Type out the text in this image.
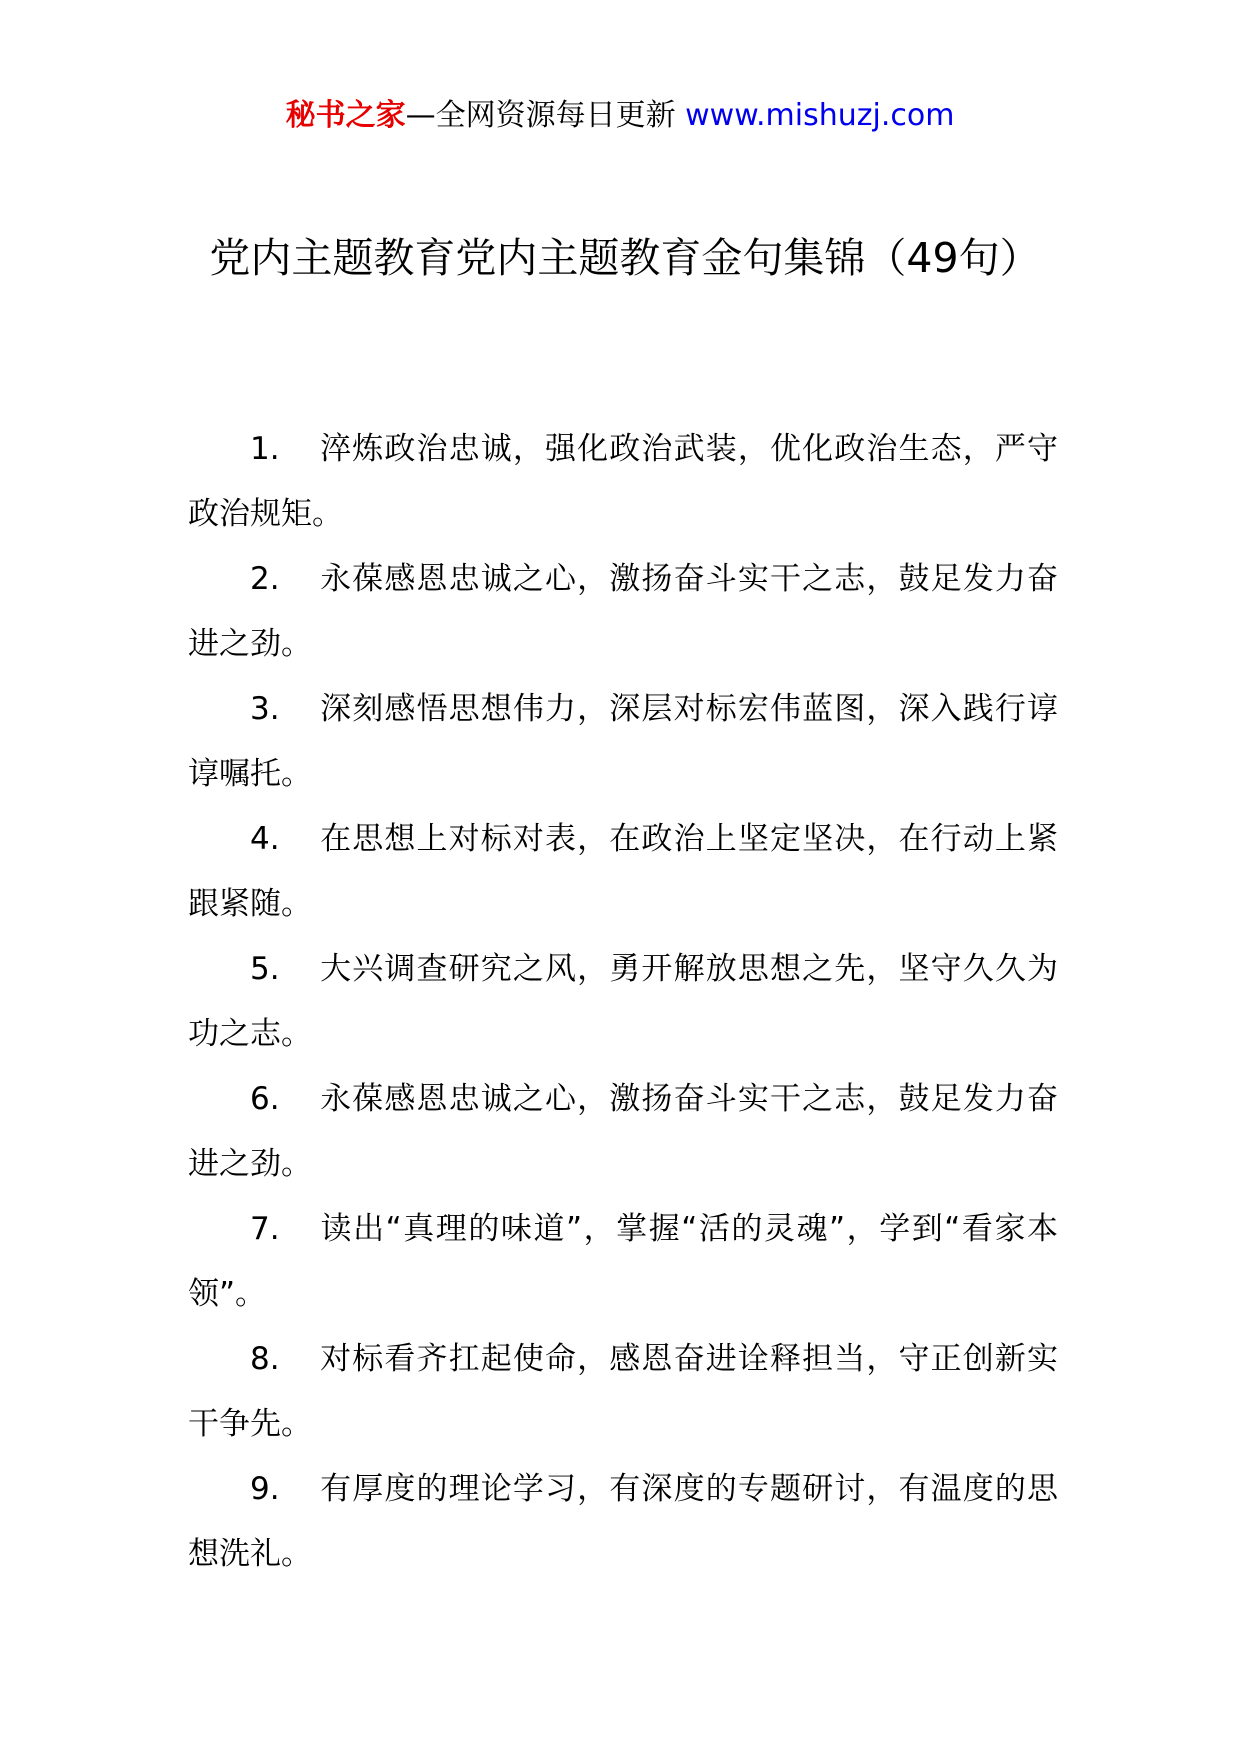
秘书之家—全网资源每日更新 www.mishuzj.com
党内主题教育党内主题教育金句集锦（49句）
1. 淬炼政治忠诚，强化政治武装，优化政治生态，严守政治规矩。
2. 永葆感恩忠诚之心，激扬奋斗实干之志，鼓足发力奋进之劲。
3. 深刻感悟思想伟力，深层对标宏伟蓝图，深入践行谆谆嘱托。
4. 在思想上对标对表，在政治上坚定坚决，在行动上紧跟紧随。
5. 大兴调查研究之风，勇开解放思想之先，坚守久久为功之志。
6. 永葆感恩忠诚之心，激扬奋斗实干之志，鼓足发力奋进之劲。
7. 读出“真理的味道”，掌握“活的灵魂”，学到“看家本领”。
8. 对标看齐扛起使命，感恩奋进诠释担当，守正创新实干争先。
9. 有厚度的理论学习，有深度的专题研讨，有温度的思想洗礼。
